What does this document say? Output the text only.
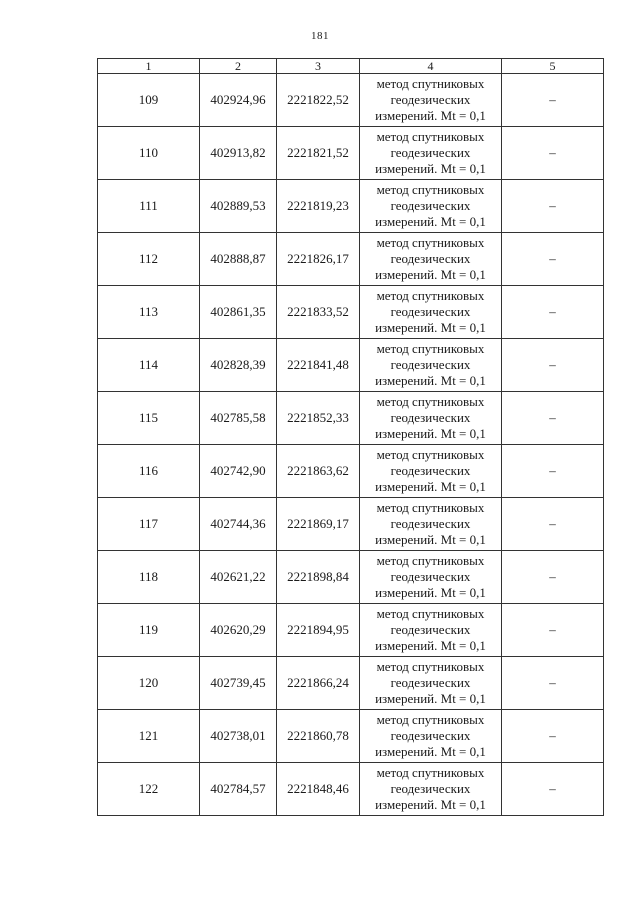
181
1	2	3	4	5
109	402924,96	2221822,52	метод спутниковых
геодезических
измерений. Mt = 0,1	–
110	402913,82	2221821,52	метод спутниковых
геодезических
измерений. Mt = 0,1	–
111	402889,53	2221819,23	метод спутниковых
геодезических
измерений. Mt = 0,1	–
112	402888,87	2221826,17	метод спутниковых
геодезических
измерений. Mt = 0,1	–
113	402861,35	2221833,52	метод спутниковых
геодезических
измерений. Mt = 0,1	–
114	402828,39	2221841,48	метод спутниковых
геодезических
измерений. Mt = 0,1	–
115	402785,58	2221852,33	метод спутниковых
геодезических
измерений. Mt = 0,1	–
116	402742,90	2221863,62	метод спутниковых
геодезических
измерений. Mt = 0,1	–
117	402744,36	2221869,17	метод спутниковых
геодезических
измерений. Mt = 0,1	–
118	402621,22	2221898,84	метод спутниковых
геодезических
измерений. Mt = 0,1	–
119	402620,29	2221894,95	метод спутниковых
геодезических
измерений. Mt = 0,1	–
120	402739,45	2221866,24	метод спутниковых
геодезических
измерений. Mt = 0,1	–
121	402738,01	2221860,78	метод спутниковых
геодезических
измерений. Mt = 0,1	–
122	402784,57	2221848,46	метод спутниковых
геодезических
измерений. Mt = 0,1	–
